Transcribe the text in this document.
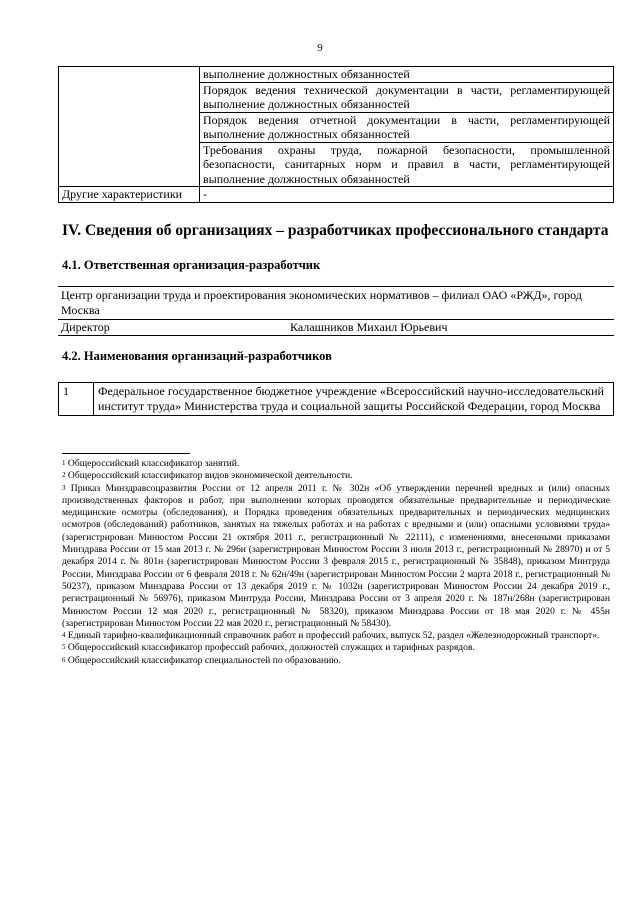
9
	выполнение должностных обязанностей
	Порядок ведения технической документации в части, регламентирующей выполнение должностных обязанностей
	Порядок ведения отчетной документации в части, регламентирующей выполнение должностных обязанностей
	Требования охраны труда, пожарной безопасности, промышленной безопасности, санитарных норм и правил в части, регламентирующей выполнение должностных обязанностей
Другие характеристики	-
IV. Сведения об организациях – разработчиках профессионального стандарта
4.1. Ответственная организация-разработчик
Центр организации труда и проектирования экономических нормативов – филиал ОАО «РЖД», город Москва
Директор	Калашников Михаил Юрьевич
4.2. Наименования организаций-разработчиков
1	Федеральное государственное бюджетное учреждение «Всероссийский научно-исследовательский институт труда» Министерства труда и социальной защиты Российской Федерации, город Москва

$^1$ Общероссийский классификатор занятий.

$^2$ Общероссийский классификатор видов экономической деятельности.

$^3$ Приказ Минздравсоцразвития России от 12 апреля 2011 г. № 302н «Об утверждении перечней вредных и (или) опасных производственных факторов и работ, при выполнении которых проводятся обязательные предварительные и периодические медицинские осмотры (обследования), и Порядка проведения обязательных предварительных и периодических медицинских осмотров (обследований) работников, занятых на тяжелых работах и на работах с вредными и (или) опасными условиями труда» (зарегистрирован Минюстом России 21 октября 2011 г., регистрационный № 22111), с изменениями, внесенными приказами Минздрава России от 15 мая 2013 г. № 296н (зарегистрирован Минюстом России 3 июля 2013 г., регистрационный № 28970) и от 5 декабря 2014 г. № 801н (зарегистрирован Минюстом России 3 февраля 2015 г., регистрационный № 35848), приказом Минтруда России, Минздрава России от 6 февраля 2018 г. № 62н/49н (зарегистрирован Минюстом России 2 марта 2018 г., регистрационный № 50237), приказом Минздрава России от 13 декабря 2019 г. № 1032н (зарегистрирован Минюстом России 24 декабря 2019 г., регистрационный № 56976), приказом Минтруда России, Минздрава России от 3 апреля 2020 г. № 187н/268н (зарегистрирован Минюстом России 12 мая 2020 г., регистрационный № 58320), приказом Минздрава России от 18 мая 2020 г. № 455н (зарегистрирован Минюстом России 22 мая 2020 г., регистрационный № 58430).

$^4$ Единый тарифно-квалификационный справочник работ и профессий рабочих, выпуск 52, раздел «Железнодорожный транспорт».

$^5$ Общероссийский классификатор профессий рабочих, должностей служащих и тарифных разрядов.

$^6$ Общероссийский классификатор специальностей по образованию.
